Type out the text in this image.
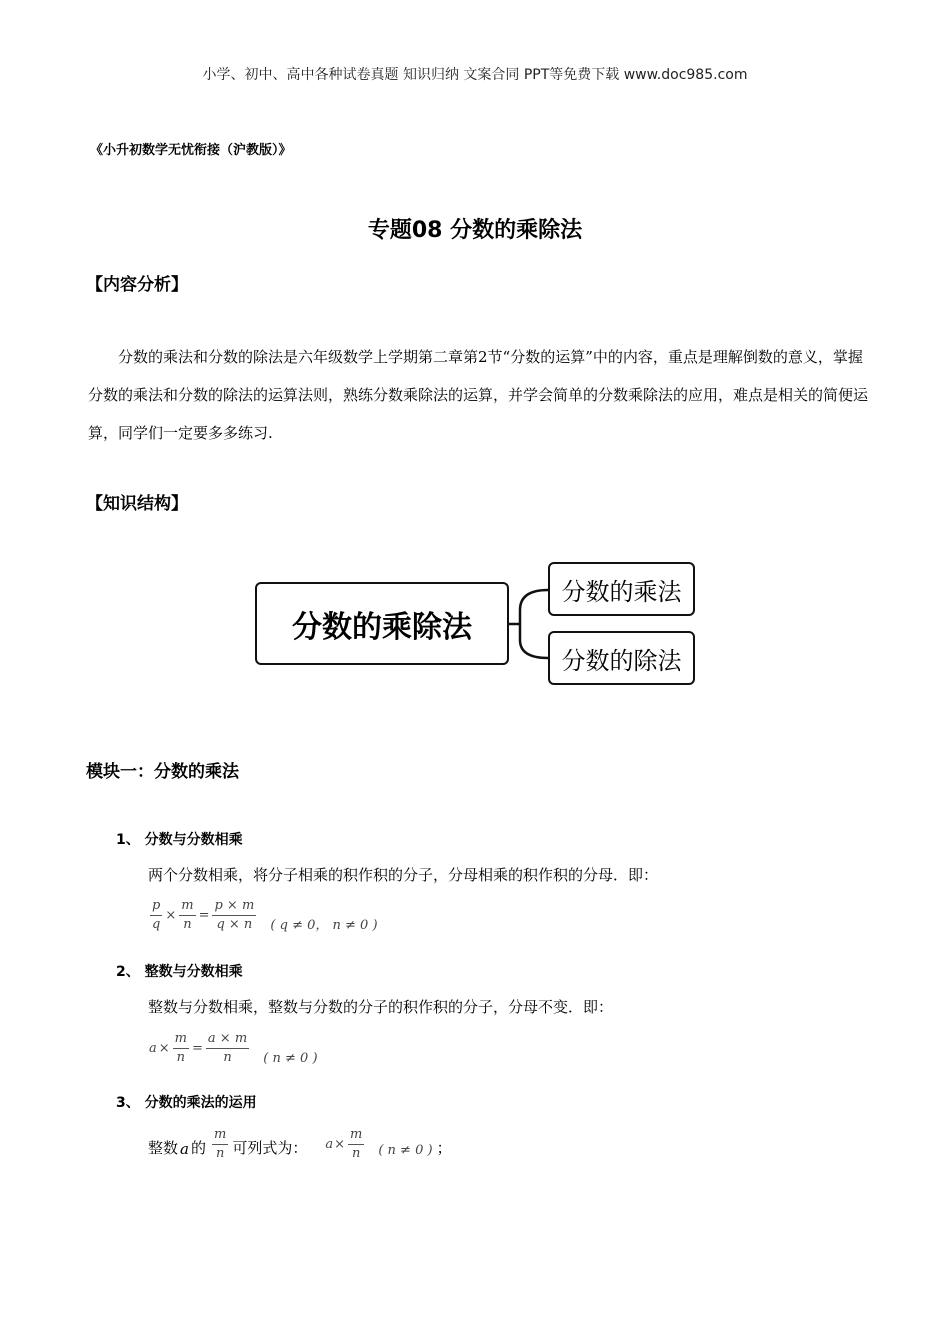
小学、初中、高中各种试卷真题 知识归纳 文案合同 PPT等免费下载 www.doc985.com
《小升初数学无忧衔接（沪教版）》
专题08 分数的乘除法
【内容分析】
分数的乘法和分数的除法是六年级数学上学期第二章第2节“分数的运算”中的内容，重点是理解倒数的意义，掌握分数的乘法和分数的除法的运算法则，熟练分数乘除法的运算，并学会简单的分数乘除法的应用，难点是相关的简便运算，同学们一定要多多练习.
【知识结构】
分数的乘除法
分数的乘法
分数的除法
模块一：分数的乘法
1、 分数与分数相乘
两个分数相乘，将分子相乘的积作积的分子，分母相乘的积作积的分母．即：
$\frac{p}{q} \times \frac{m}{n} = \frac{p \times m}{q \times n}$ ( q ≠ 0， n ≠ 0 )
2、 整数与分数相乘
整数与分数相乘，整数与分数的分子的积作积的分子，分母不变．即：
$a \times \frac{m}{n} = \frac{a \times m}{n}$ ( n ≠ 0 )
3、 分数的乘法的运用
整数 a 的 $\frac{m}{n}$ 可列式为： $a \times \frac{m}{n}$ ( n ≠ 0 ) ；
